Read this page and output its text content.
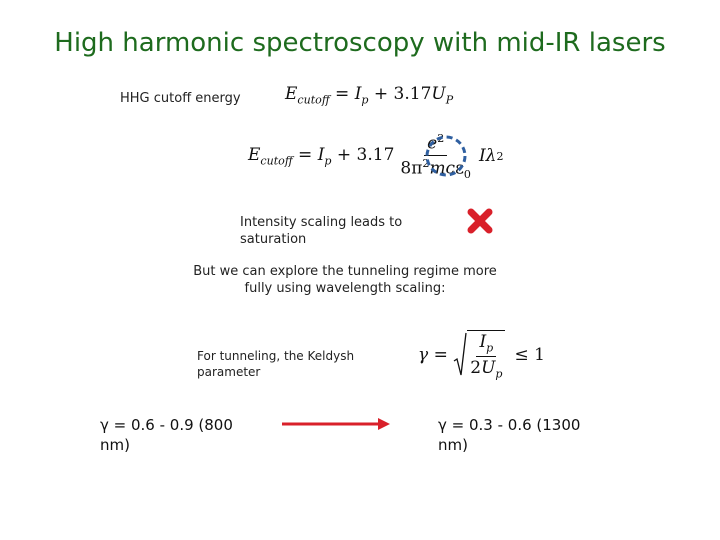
High harmonic spectroscopy with mid-IR lasers
HHG cutoff energy	$E_{cutoff} = I_p + 3.17U_P$
$E_{cutoff} = I_p + 3.17 \frac{e^2}{8\pi^2mc\varepsilon_0}$ I λ 2
Intensity scaling leads to saturation
But we can explore the tunneling regime more fully using wavelength scaling:
For tunneling, the Keldysh parameter
$\gamma = \frac{I_p}{2U_p} \le 1$
γ = 0.6 - 0.9 (800 nm)
γ = 0.3 - 0.6 (1300 nm)
